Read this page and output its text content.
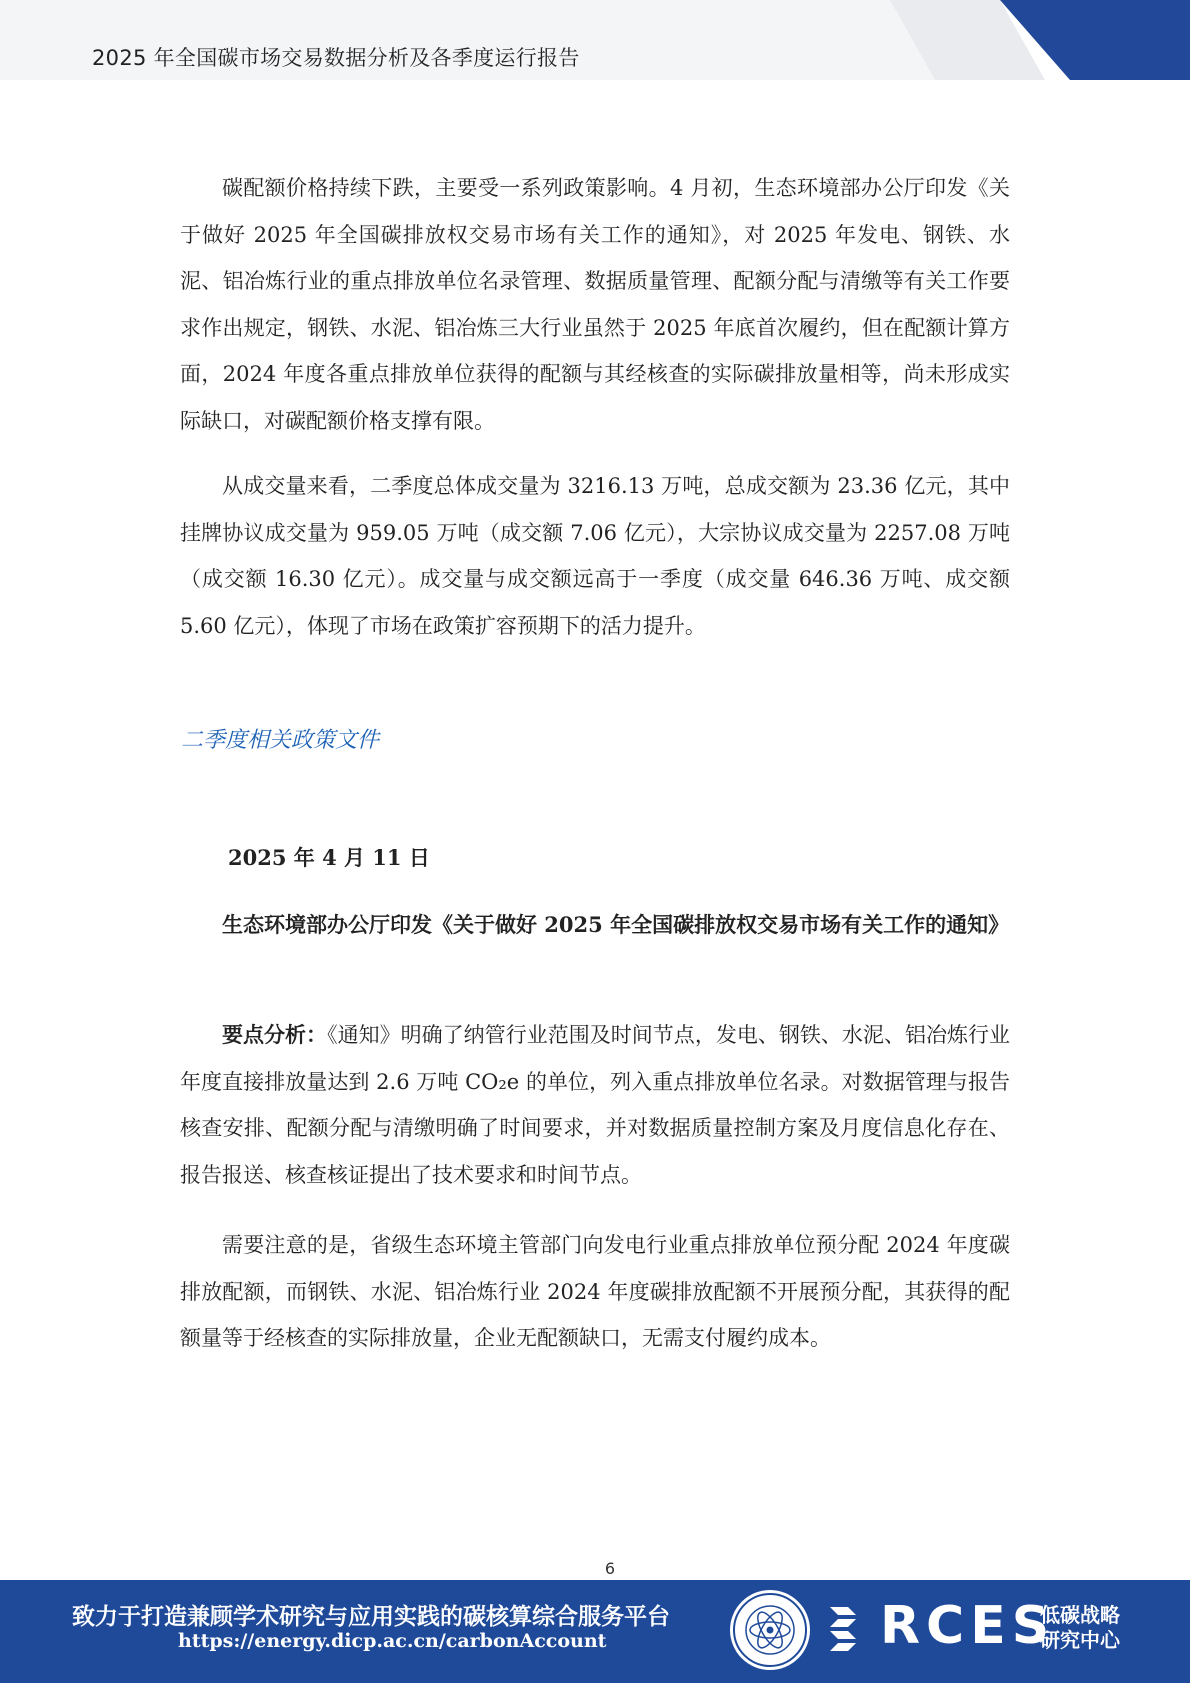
2025 年全国碳市场交易数据分析及各季度运行报告

碳配额价格持续下跌，主要受一系列政策影响。4 月初，生态环境部办公厅印发《关于做好 2025 年全国碳排放权交易市场有关工作的通知》，对 2025 年发电、钢铁、水泥、铝冶炼行业的重点排放单位名录管理、数据质量管理、配额分配与清缴等有关工作要求作出规定，钢铁、水泥、铝冶炼三大行业虽然于 2025 年底首次履约，但在配额计算方面，2024 年度各重点排放单位获得的配额与其经核查的实际碳排放量相等，尚未形成实际缺口，对碳配额价格支撑有限。

从成交量来看，二季度总体成交量为 3216.13 万吨，总成交额为 23.36 亿元，其中挂牌协议成交量为 959.05 万吨（成交额 7.06 亿元），大宗协议成交量为 2257.08 万吨（成交额 16.30 亿元）。成交量与成交额远高于一季度（成交量 646.36 万吨、成交额 5.60 亿元），体现了市场在政策扩容预期下的活力提升。

二季度相关政策文件
2025 年 4 月 11 日

生态环境部办公厅印发《关于做好 2025 年全国碳排放权交易市场有关工作的通知》

要点分析：《通知》明确了纳管行业范围及时间节点，发电、钢铁、水泥、铝冶炼行业年度直接排放量达到 2.6 万吨 CO₂e 的单位，列入重点排放单位名录。对数据管理与报告核查安排、配额分配与清缴明确了时间要求，并对数据质量控制方案及月度信息化存在、报告报送、核查核证提出了技术要求和时间节点。

需要注意的是，省级生态环境主管部门向发电行业重点排放单位预分配 2024 年度碳排放配额，而钢铁、水泥、铝冶炼行业 2024 年度碳排放配额不开展预分配，其获得的配额量等于经核查的实际排放量，企业无配额缺口，无需支付履约成本。

6
致力于打造兼顾学术研究与应用实践的碳核算综合服务平台
https://energy.dicp.ac.cn/carbonAccount	RCES
低碳战略
研究中心
